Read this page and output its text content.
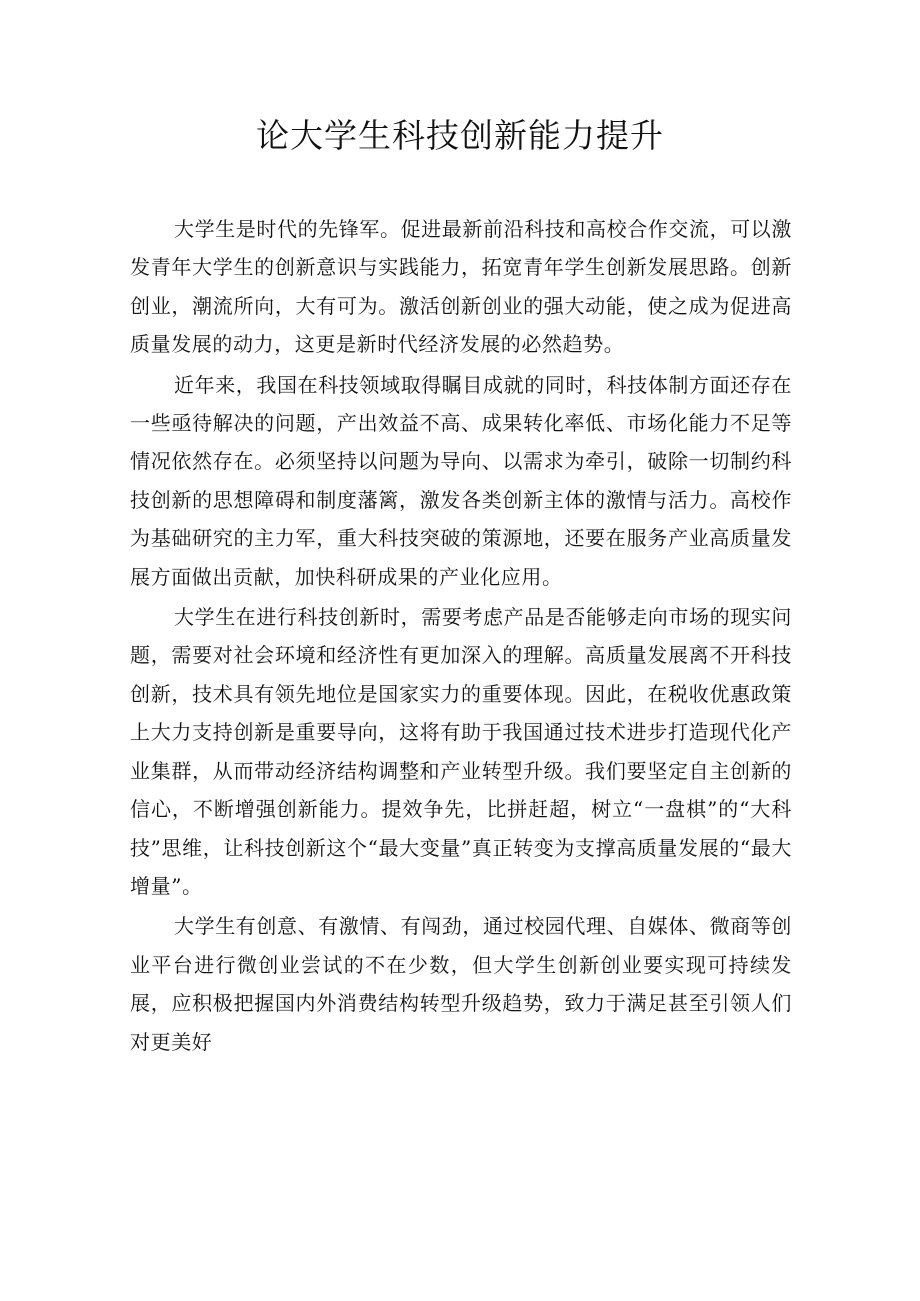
论大学生科技创新能力提升

大学生是时代的先锋军。促进最新前沿科技和高校合作交流，可以激发青年大学生的创新意识与实践能力，拓宽青年学生创新发展思路。创新创业，潮流所向，大有可为。激活创新创业的强大动能，使之成为促进高质量发展的动力，这更是新时代经济发展的必然趋势。

近年来，我国在科技领域取得瞩目成就的同时，科技体制方面还存在一些亟待解决的问题，产出效益不高、成果转化率低、市场化能力不足等情况依然存在。必须坚持以问题为导向、以需求为牵引，破除一切制约科技创新的思想障碍和制度藩篱，激发各类创新主体的激情与活力。高校作为基础研究的主力军，重大科技突破的策源地，还要在服务产业高质量发展方面做出贡献，加快科研成果的产业化应用。

大学生在进行科技创新时，需要考虑产品是否能够走向市场的现实问题，需要对社会环境和经济性有更加深入的理解。高质量发展离不开科技创新，技术具有领先地位是国家实力的重要体现。因此，在税收优惠政策上大力支持创新是重要导向，这将有助于我国通过技术进步打造现代化产业集群，从而带动经济结构调整和产业转型升级。我们要坚定自主创新的信心，不断增强创新能力。提效争先，比拼赶超，树立“一盘棋”的“大科技”思维，让科技创新这个“最大变量”真正转变为支撑高质量发展的“最大增量”。

大学生有创意、有激情、有闯劲，通过校园代理、自媒体、微商等创业平台进行微创业尝试的不在少数，但大学生创新创业要实现可持续发展，应积极把握国内外消费结构转型升级趋势，致力于满足甚至引领人们对更美好
